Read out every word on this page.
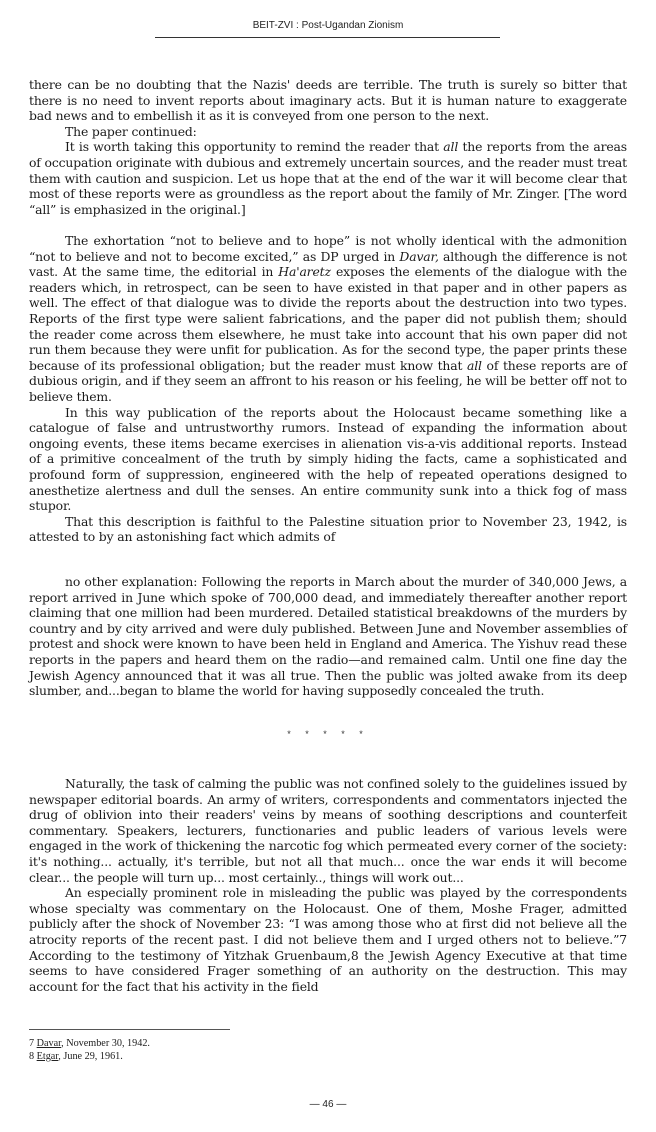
BEIT-ZVI : Post-Ugandan Zionism

there can be no doubting that the Nazis' deeds are terrible. The truth is surely so bitter that there is no need to invent reports about imaginary acts. But it is human nature to exaggerate bad news and to embellish it as it is conveyed from one person to the next.

The paper continued:

It is worth taking this opportunity to remind the reader that all the reports from the areas of occupation originate with dubious and extremely uncertain sources, and the reader must treat them with caution and suspicion. Let us hope that at the end of the war it will become clear that most of these reports were as groundless as the report about the family of Mr. Zinger. [The word “all” is emphasized in the original.]

The exhortation “not to believe and to hope” is not wholly identical with the admonition “not to believe and not to become excited,” as DP urged in Davar, although the difference is not vast. At the same time, the editorial in Ha'aretz exposes the elements of the dialogue with the readers which, in retrospect, can be seen to have existed in that paper and in other papers as well. The effect of that dialogue was to divide the reports about the destruction into two types. Reports of the first type were salient fabrications, and the paper did not publish them; should the reader come across them elsewhere, he must take into account that his own paper did not run them because they were unfit for publication. As for the second type, the paper prints these because of its professional obligation; but the reader must know that all of these reports are of dubious origin, and if they seem an affront to his reason or his feeling, he will be better off not to believe them.

In this way publication of the reports about the Holocaust became something like a catalogue of false and untrustworthy rumors. Instead of expanding the information about ongoing events, these items became exercises in alienation vis-a-vis additional reports. Instead of a primitive concealment of the truth by simply hiding the facts, came a sophisticated and profound form of suppression, engineered with the help of repeated operations designed to anesthetize alertness and dull the senses. An entire community sunk into a thick fog of mass stupor.

That this description is faithful to the Palestine situation prior to November 23, 1942, is attested to by an astonishing fact which admits of

no other explanation: Following the reports in March about the murder of 340,000 Jews, a report arrived in June which spoke of 700,000 dead, and immediately thereafter another report claiming that one million had been murdered. Detailed statistical breakdowns of the murders by country and by city arrived and were duly published. Between June and November assemblies of protest and shock were known to have been held in England and America. The Yishuv read these reports in the papers and heard them on the radio—and remained calm. Until one fine day the Jewish Agency announced that it was all true. Then the public was jolted awake from its deep slumber, and...began to blame the world for having supposedly concealed the truth.

* * * * *

Naturally, the task of calming the public was not confined solely to the guidelines issued by newspaper editorial boards. An army of writers, correspondents and commentators injected the drug of oblivion into their readers' veins by means of soothing descriptions and counterfeit commentary. Speakers, lecturers, functionaries and public leaders of various levels were engaged in the work of thickening the narcotic fog which permeated every corner of the society: it's nothing... actually, it's terrible, but not all that much... once the war ends it will become clear... the people will turn up... most certainly.., things will work out...

An especially prominent role in misleading the public was played by the correspondents whose specialty was commentary on the Holocaust. One of them, Moshe Frager, admitted publicly after the shock of November 23: “I was among those who at first did not believe all the atrocity reports of the recent past. I did not believe them and I urged others not to believe.”7 According to the testimony of Yitzhak Gruenbaum,8 the Jewish Agency Executive at that time seems to have considered Frager something of an authority on the destruction. This may account for the fact that his activity in the field

7 Davar, November 30, 1942.
8 Etgar, June 29, 1961.
— 46 —
